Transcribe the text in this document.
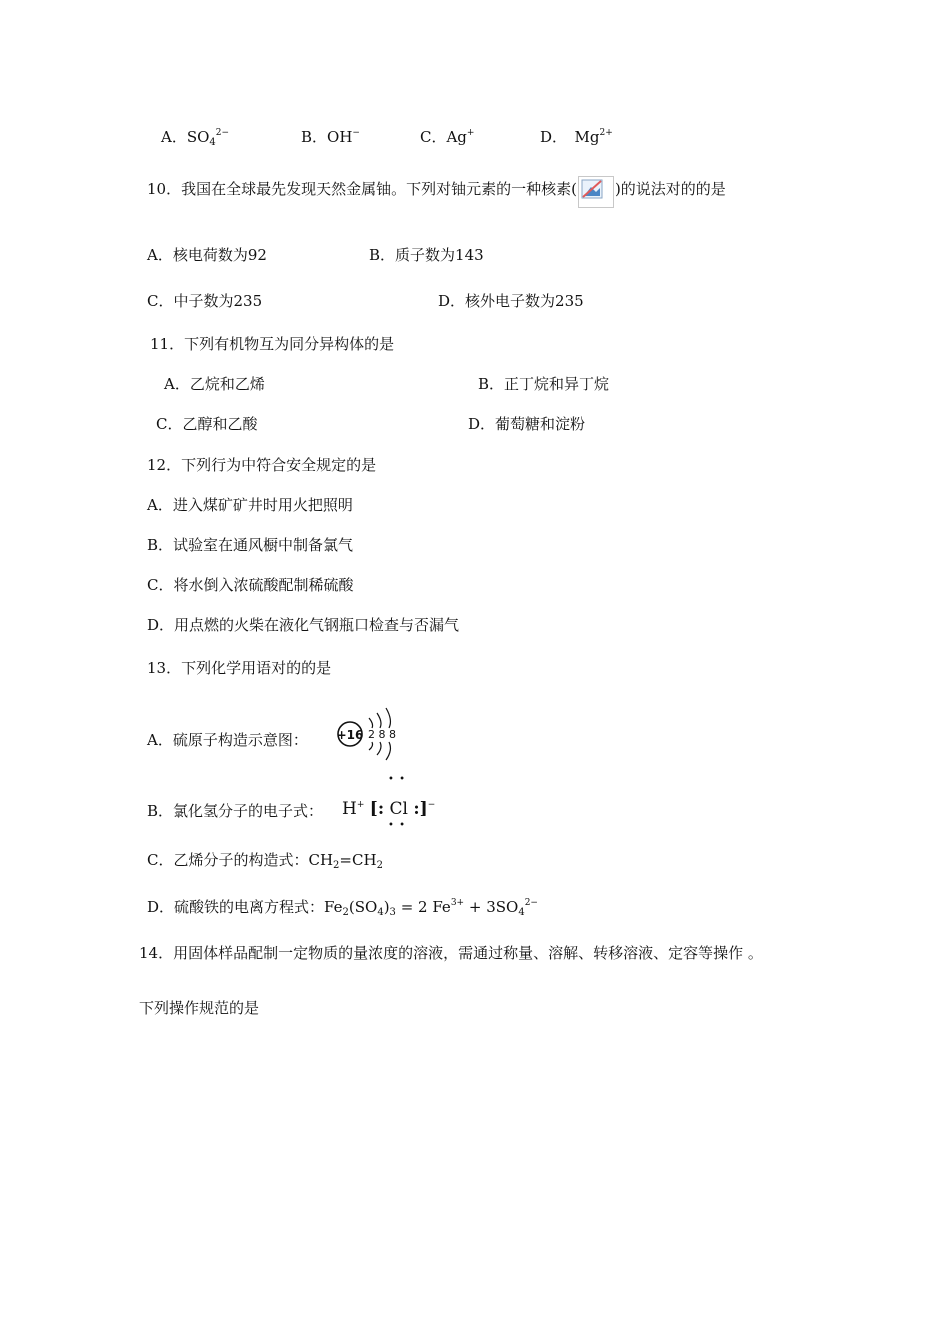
A．$SO_4^{2-}$	B．OH−	C．Ag+	D．　$Mg^{2+}$
10．我国在全球最先发现天然金属铀。下列对铀元素的一种核素(	)的说法对的的是
A．核电荷数为92	B．质子数为143
C．中子数为235	D．核外电子数为235
11．下列有机物互为同分异构体的是
A．乙烷和乙烯	B．正丁烷和异丁烷
C．乙醇和乙酸	D．葡萄糖和淀粉
12．下列行为中符合安全规定的是
A．进入煤矿矿井时用火把照明
B．试验室在通风橱中制备氯气
C．将水倒入浓硫酸配制稀硫酸
D．用点燃的火柴在液化气钢瓶口检查与否漏气
13．下列化学用语对的的是
A．硫原子构造示意图： +16 2 8 8
B．氯化氢分子的电子式： H+ [: Cl :]−
• •
• •
C．乙烯分子的构造式：$CH_2=CH_2$
D．硫酸铁的电离方程式：$Fe_2(SO_4)_3 = 2$ $Fe^{3+} + 3SO_4^{2-}$
14．用固体样品配制一定物质的量浓度的溶液，需通过称量、溶解、转移溶液、定容等操作 。
下列操作规范的是
